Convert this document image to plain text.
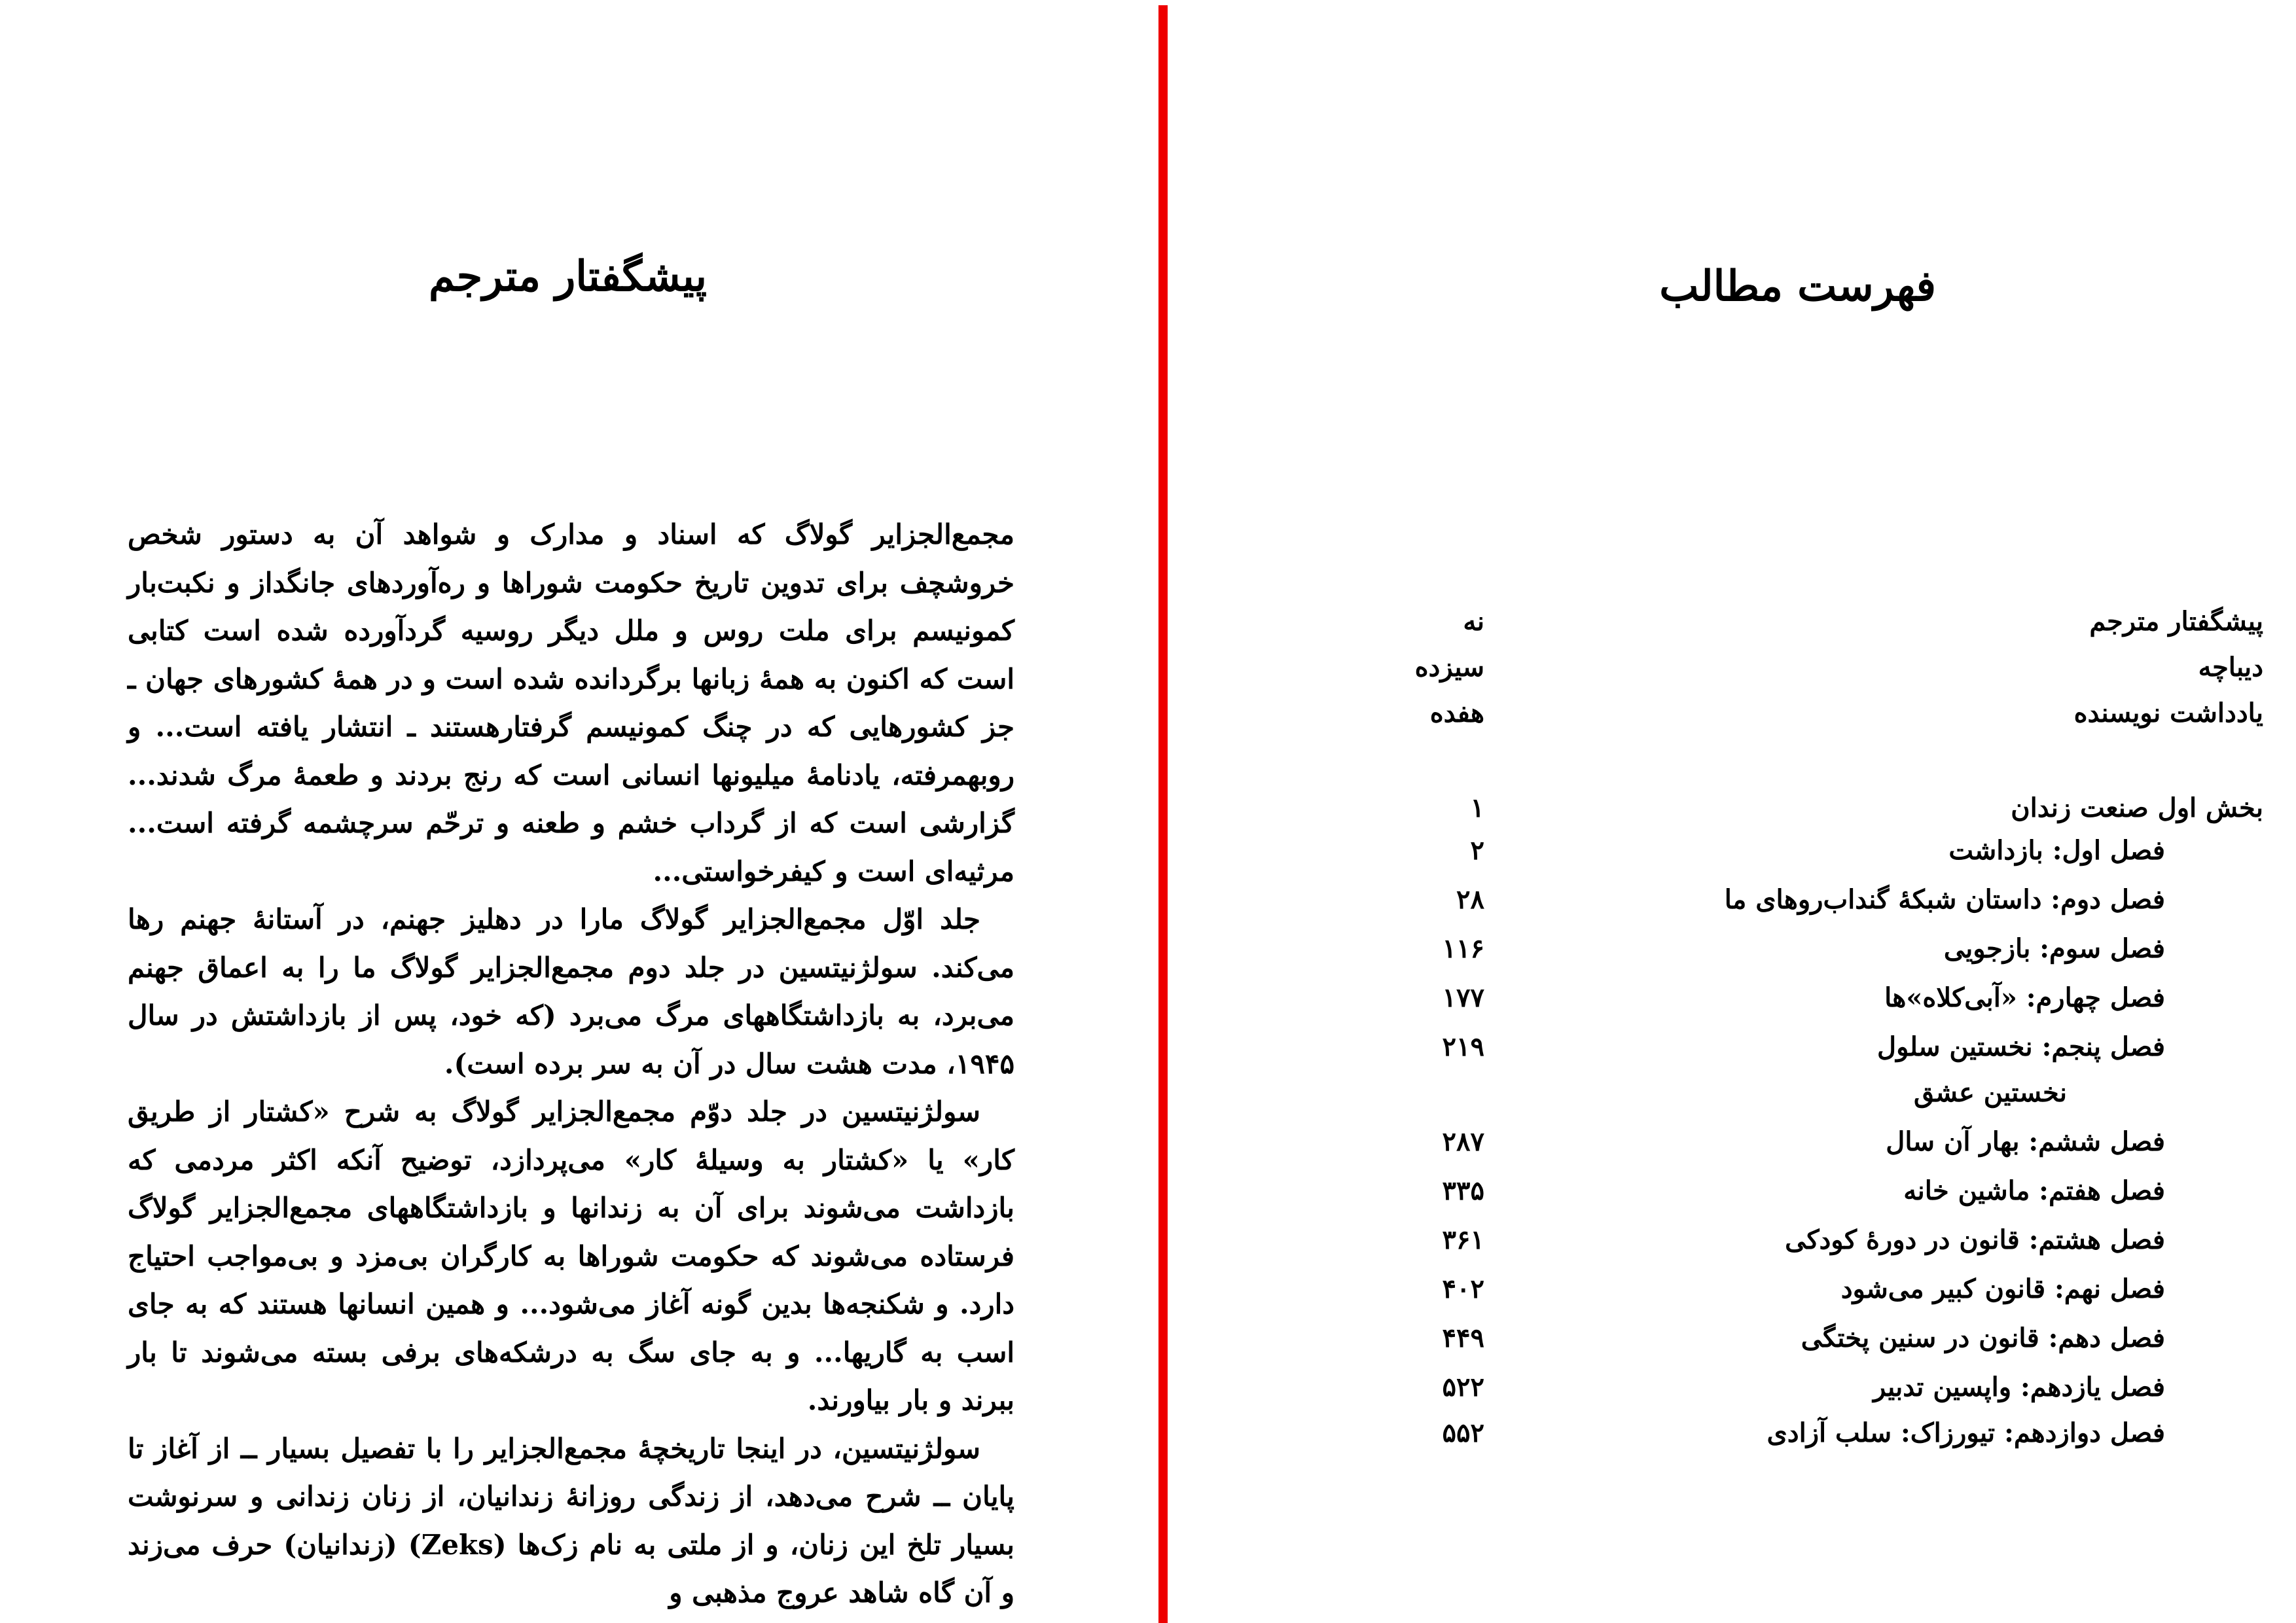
پیشگفتار مترجم

مجمع‌الجزایر گولاگ که اسناد و مدارک و شواهد آن به دستور شخص خروشچف برای تدوین تاریخ حکومت شوراها و ره‌آوردهای جانگداز و نکبت‌بار کمونیسم برای ملت روس و ملل دیگر روسیه گردآورده شده است کتابی است که اکنون به همهٔ زبانها برگردانده شده است و در همهٔ کشورهای جهان ـ جز کشورهایی که در چنگ کمونیسم گرفتارهستند ـ انتشار یافته است... و روبهمرفته، یادنامهٔ میلیونها انسانی است که رنج بردند و طعمهٔ مرگ شدند... گزارشی است که از گرداب خشم و طعنه و ترحّم سرچشمه گرفته است... مرثیه‌ای است و کیفرخواستی...

جلد اوّل مجمع‌الجزایر گولاگ مارا در دهلیز جهنم، در آستانهٔ جهنم رها می‌کند. سولژنیتسین در جلد دوم مجمع‌الجزایر گولاگ ما را به اعماق جهنم می‌برد، به بازداشتگاههای مرگ می‌برد (که خود، پس از بازداشتش در سال ۱۹۴۵، مدت هشت سال در آن به سر برده است).

سولژنیتسین در جلد دوّم مجمع‌الجزایر گولاگ به شرح «کشتار از طریق کار» یا «کشتار به وسیلهٔ کار» می‌پردازد، توضیح آنکه اکثر مردمی که بازداشت می‌شوند برای آن به زندانها و بازداشتگاههای مجمع‌الجزایر گولاگ فرستاده می‌شوند که حکومت شوراها به کارگران بی‌مزد و بی‌مواجب احتیاج دارد. و شکنجه‌ها بدین گونه آغاز می‌شود... و همین انسانها هستند که به جای اسب به گاریها... و به جای سگ به درشکه‌های برفی بسته می‌شوند تا بار ببرند و بار بیاورند.

سولژنیتسین، در اینجا تاریخچهٔ مجمع‌الجزایر را با تفصیل بسیار ــ از آغاز تا پایان ــ شرح می‌دهد، از زندگی روزانهٔ زندانیان، از زنان زندانی و سرنوشت بسیار تلخ این زنان، و از ملتی به نام زک‌ها (Zeks) (زندانیان) حرف می‌زند و آن گاه شاهد عروج مذهبی و

فهرست مطالب
پیشگفتار مترجم
نه
دیباچه
سیزده
یادداشت نویسنده
هفده
بخش اول صنعت زندان
۱
فصل اول: بازداشت
۲
فصل دوم: داستان شبکهٔ گنداب‌روهای ما
۲۸
فصل سوم: بازجویی
۱۱۶
فصل چهارم: «آبی‌کلاه»ها
۱۷۷
فصل پنجم: نخستین سلول
۲۱۹
نخستین عشق
فصل ششم: بهار آن سال
۲۸۷
فصل هفتم: ماشین خانه
۳۳۵
فصل هشتم: قانون در دورهٔ کودکی
۳۶۱
فصل نهم: قانون کبیر می‌شود
۴۰۲
فصل دهم: قانون در سنین پختگی
۴۴۹
فصل یازدهم: واپسین تدبیر
۵۲۲
فصل دوازدهم: تیورزاک: سلب آزادی
۵۵۲
